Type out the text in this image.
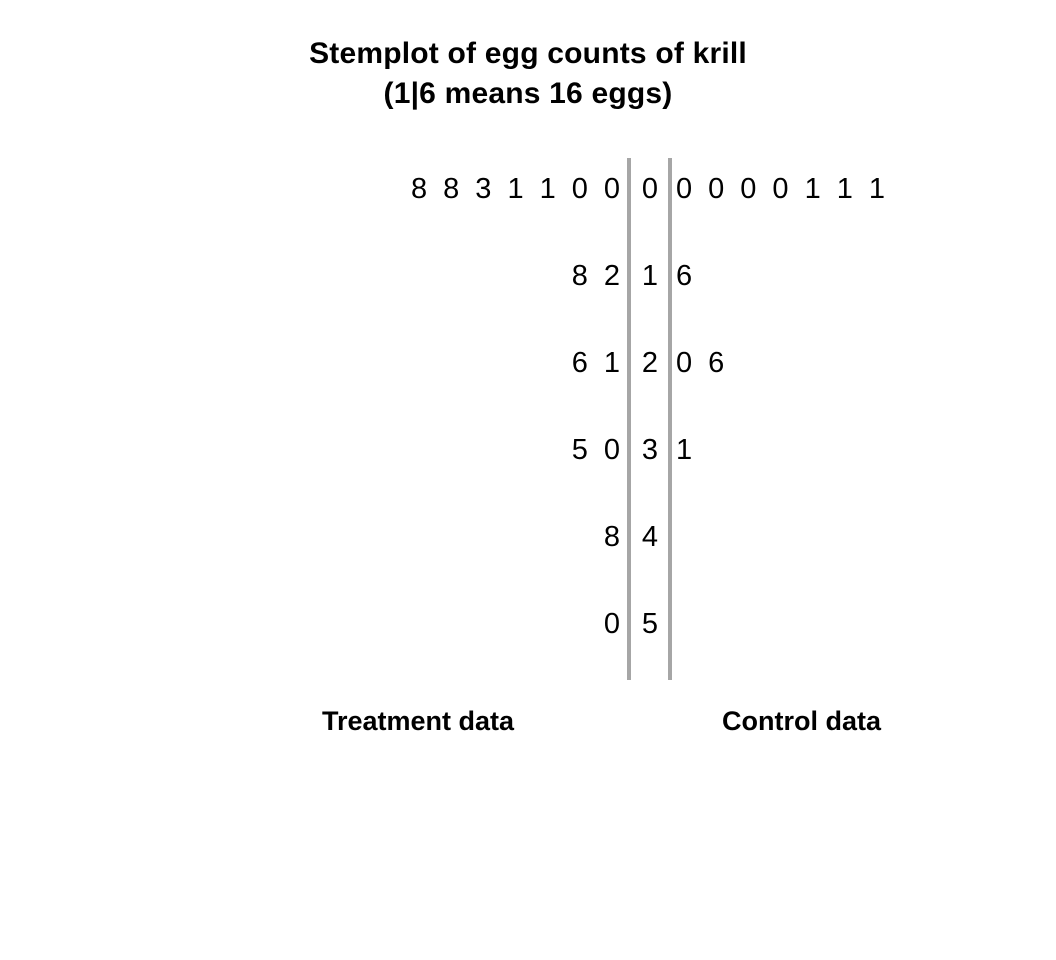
Stemplot of egg counts of krill
(1|6 means 16 eggs)
8 8 3 1 1 0 0 0 0 0 0 0 1 1 1
8 2 1 6
6 1 2 0 6
5 0 3 1
8 4
0 5
Treatment data	Control data
